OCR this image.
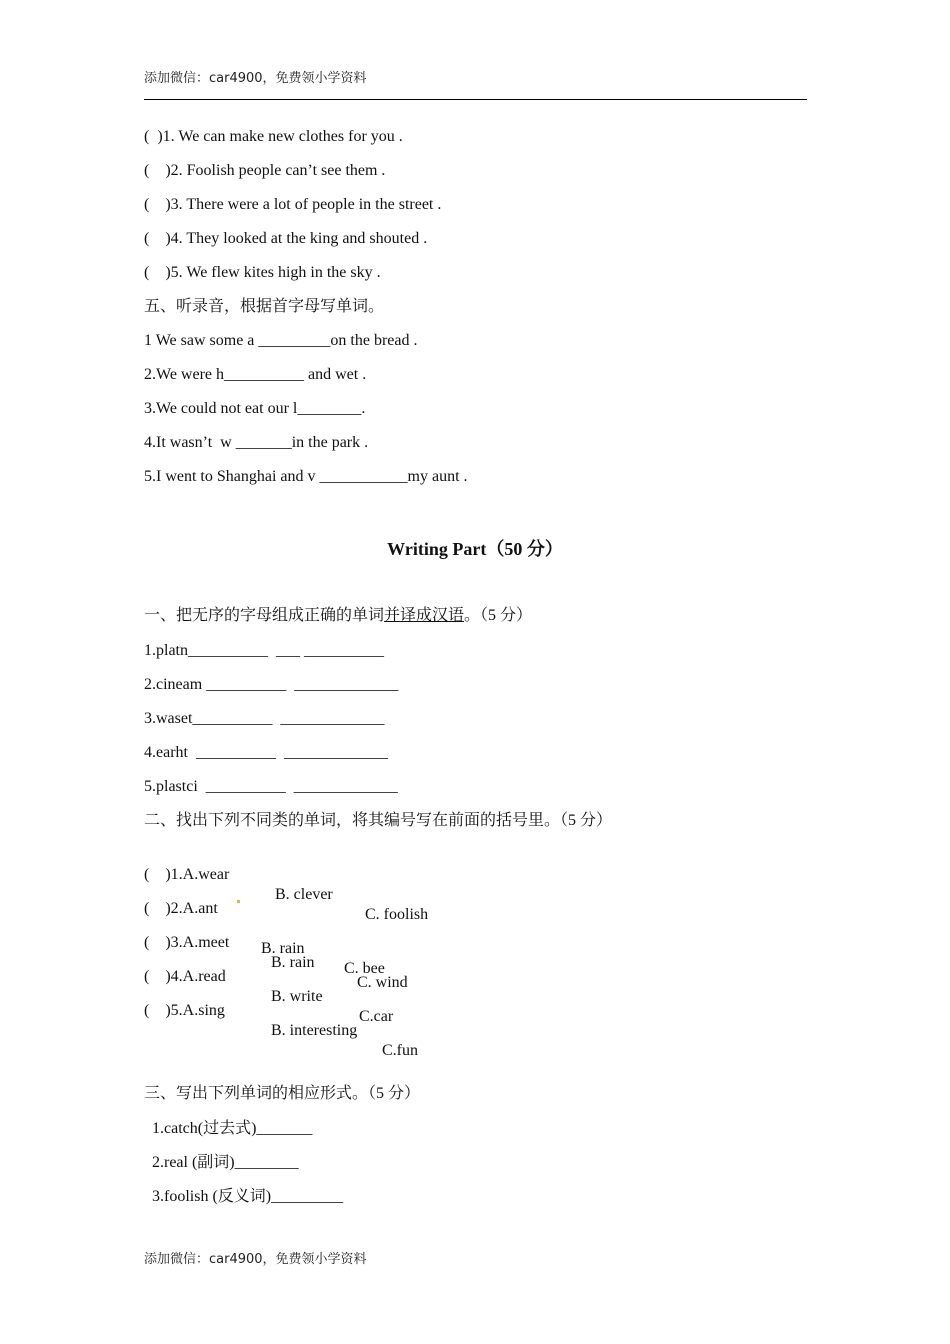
添加微信：car4900，免费领小学资料
(  )1. We can make new clothes for you .
(    )2. Foolish people can’t see them .
(    )3. There were a lot of people in the street .
(    )4. They looked at the king and shouted .
(    )5. We flew kites high in the sky .
五、听录音，根据首字母写单词。
1 We saw some a _________on the bread .
2.We were h__________ and wet .
3.We could not eat our l________.
4.It wasn’t  w _______in the park .
5.I went to Shanghai and v ___________my aunt .
Writing Part（50 分）
一、把无序的字母组成正确的单词并译成汉语。（5 分）
1.platn__________  ___ __________
2.cineam __________  _____________
3.waset__________  _____________
4.earht  __________  _____________
5.plastci  __________  _____________
二、找出下列不同类的单词，将其编号写在前面的括号里。（5 分）

(    )1.A.wear

B. clever

C. foolish

(    )2.A.ant

B. rain

C. bee

(    )3.A.meet

B. rain

C. wind

(    )4.A.read

B. write

C.car

(    )5.A.sing

B. interesting

C.fun

三、写出下列单词的相应形式。（5 分）
1.catch(过去式)_______
2.real (副词)________
3.foolish (反义词)_________
添加微信：car4900，免费领小学资料
